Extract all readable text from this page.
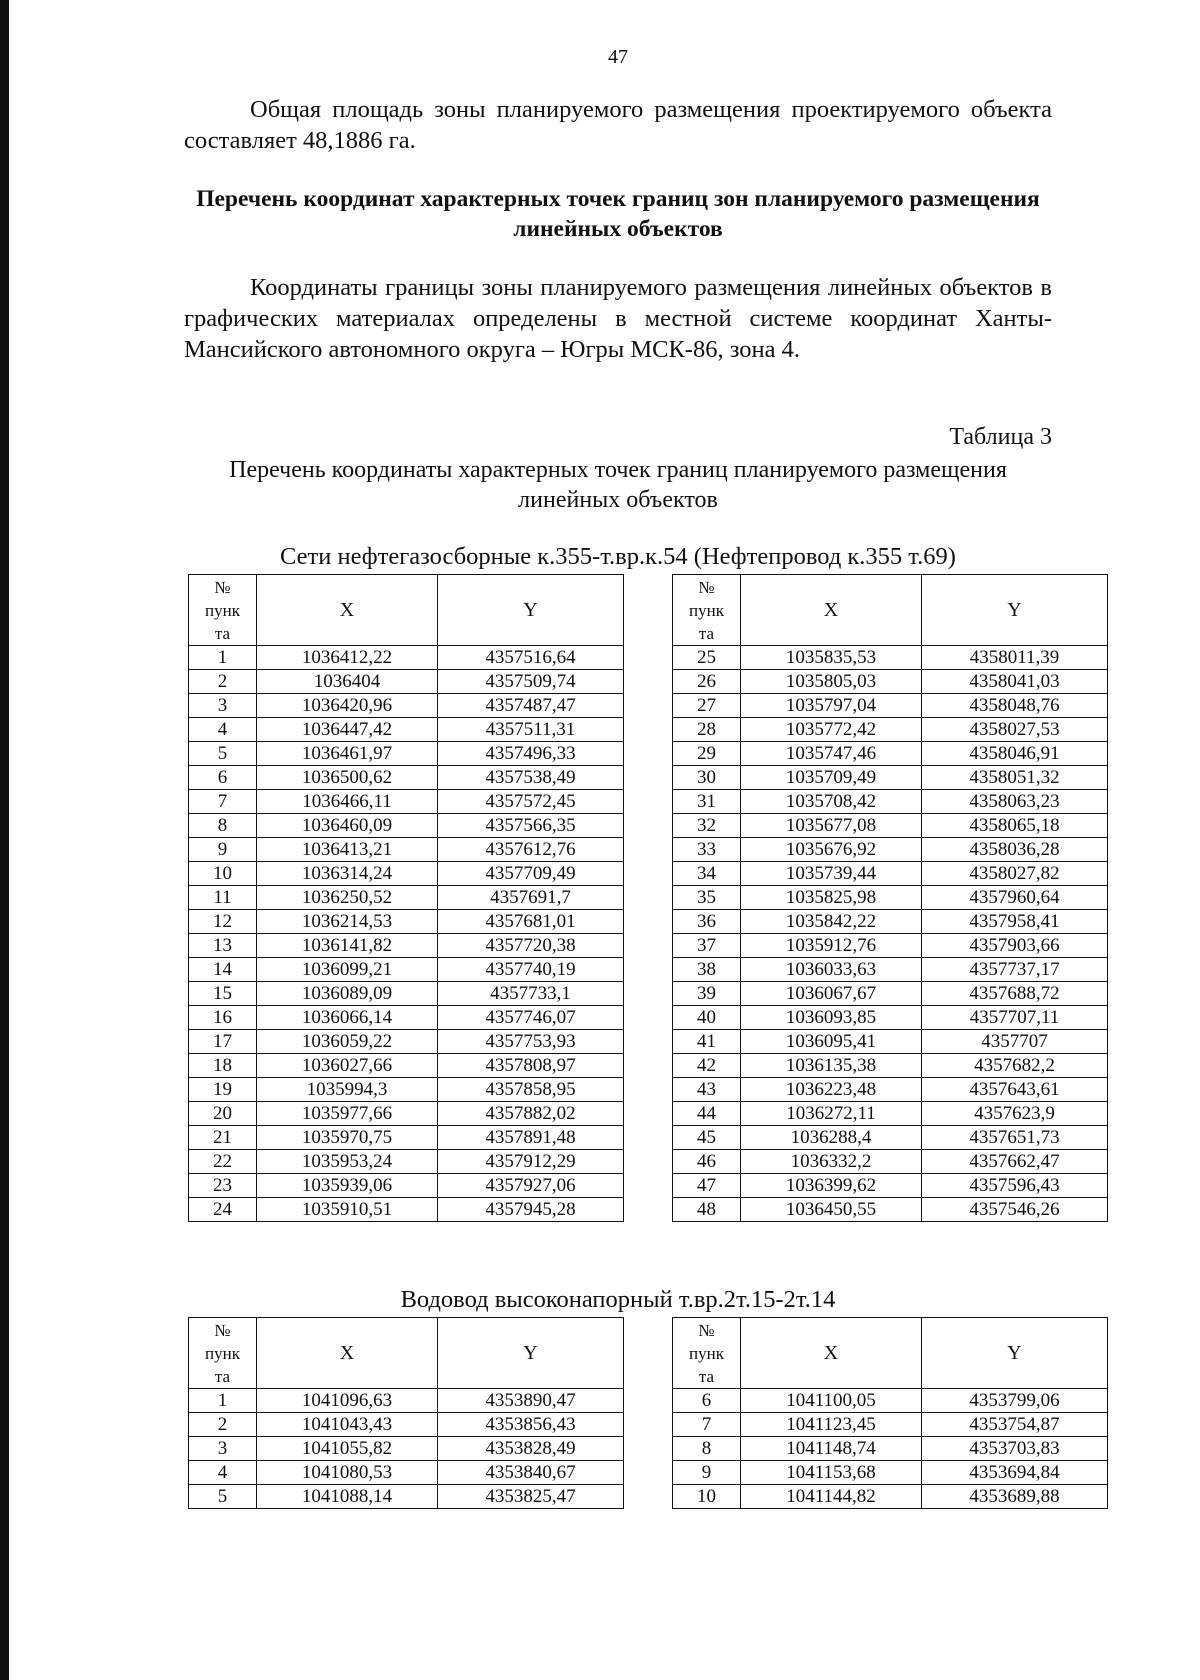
47

Общая площадь зоны планируемого размещения проектируемого объекта составляет 48,1886 га.

Перечень координат характерных точек границ зон планируемого размещения линейных объектов

Координаты границы зоны планируемого размещения линейных объектов в графических материалах определены в местной системе координат Ханты-Мансийского автономного округа – Югры МСК-86, зона 4.

Таблица 3
Перечень координаты характерных точек границ планируемого размещения линейных объектов
Сети нефтегазосборные к.355-т.вр.к.54 (Нефтепровод к.355 т.69)
№
пунк
та	X	Y
1	1036412,22	4357516,64
2	1036404	4357509,74
3	1036420,96	4357487,47
4	1036447,42	4357511,31
5	1036461,97	4357496,33
6	1036500,62	4357538,49
7	1036466,11	4357572,45
8	1036460,09	4357566,35
9	1036413,21	4357612,76
10	1036314,24	4357709,49
11	1036250,52	4357691,7
12	1036214,53	4357681,01
13	1036141,82	4357720,38
14	1036099,21	4357740,19
15	1036089,09	4357733,1
16	1036066,14	4357746,07
17	1036059,22	4357753,93
18	1036027,66	4357808,97
19	1035994,3	4357858,95
20	1035977,66	4357882,02
21	1035970,75	4357891,48
22	1035953,24	4357912,29
23	1035939,06	4357927,06
24	1035910,51	4357945,28
№
пунк
та	X	Y
25	1035835,53	4358011,39
26	1035805,03	4358041,03
27	1035797,04	4358048,76
28	1035772,42	4358027,53
29	1035747,46	4358046,91
30	1035709,49	4358051,32
31	1035708,42	4358063,23
32	1035677,08	4358065,18
33	1035676,92	4358036,28
34	1035739,44	4358027,82
35	1035825,98	4357960,64
36	1035842,22	4357958,41
37	1035912,76	4357903,66
38	1036033,63	4357737,17
39	1036067,67	4357688,72
40	1036093,85	4357707,11
41	1036095,41	4357707
42	1036135,38	4357682,2
43	1036223,48	4357643,61
44	1036272,11	4357623,9
45	1036288,4	4357651,73
46	1036332,2	4357662,47
47	1036399,62	4357596,43
48	1036450,55	4357546,26
Водовод высоконапорный т.вр.2т.15-2т.14
№
пунк
та	X	Y
1	1041096,63	4353890,47
2	1041043,43	4353856,43
3	1041055,82	4353828,49
4	1041080,53	4353840,67
5	1041088,14	4353825,47
№
пунк
та	X	Y
6	1041100,05	4353799,06
7	1041123,45	4353754,87
8	1041148,74	4353703,83
9	1041153,68	4353694,84
10	1041144,82	4353689,88
